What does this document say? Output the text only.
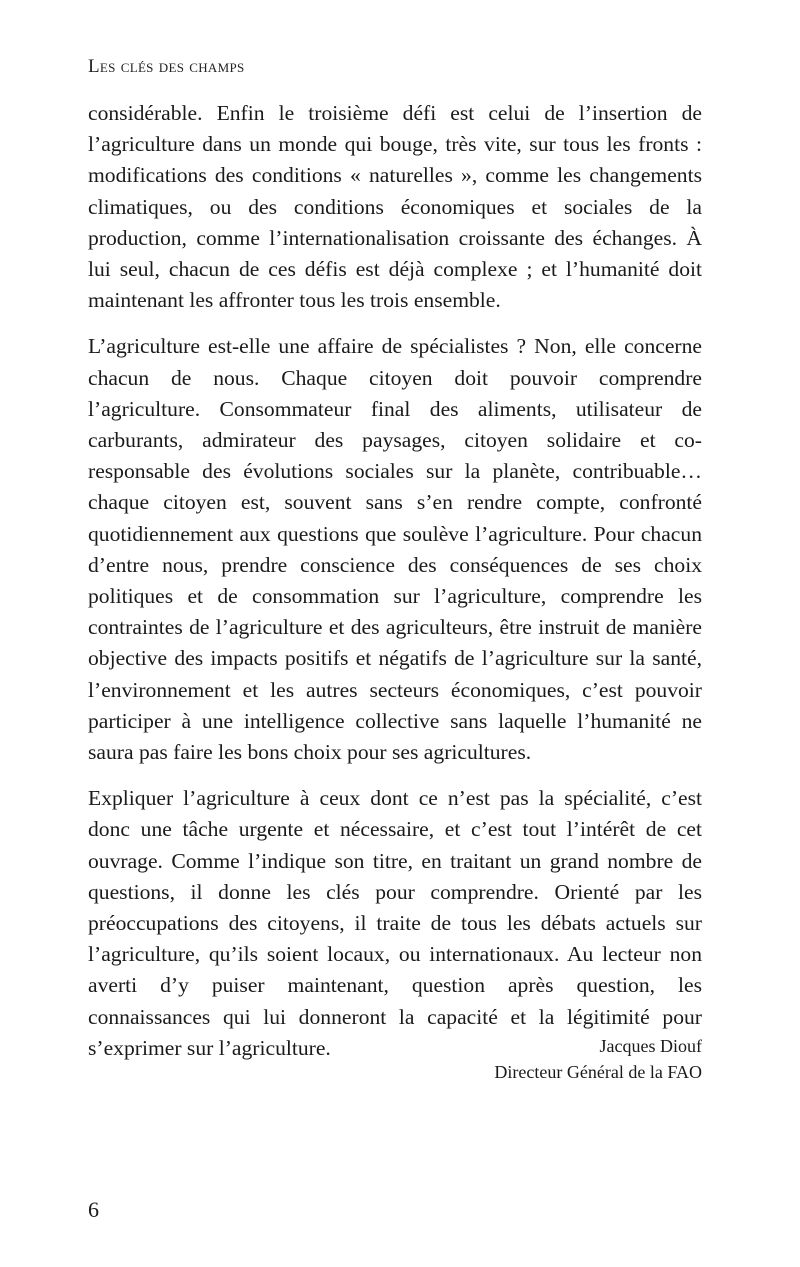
Les clés des champs

considérable. Enfin le troisième défi est celui de l’insertion de l’agriculture dans un monde qui bouge, très vite, sur tous les fronts : modifications des conditions « naturelles », comme les changements climatiques, ou des conditions économiques et sociales de la production, comme l’internationalisation croissante des échanges. À lui seul, chacun de ces défis est déjà complexe ; et l’humanité doit maintenant les affronter tous les trois ensemble.

L’agriculture est-elle une affaire de spécialistes ? Non, elle concerne chacun de nous. Chaque citoyen doit pouvoir comprendre l’agriculture. Consommateur final des aliments, utilisateur de carburants, admirateur des paysages, citoyen solidaire et co-responsable des évolutions sociales sur la planète, contribuable… chaque citoyen est, souvent sans s’en rendre compte, confronté quotidiennement aux questions que soulève l’agriculture. Pour chacun d’entre nous, prendre conscience des conséquences de ses choix politiques et de consommation sur l’agriculture, comprendre les contraintes de l’agriculture et des agriculteurs, être instruit de manière objective des impacts positifs et négatifs de l’agriculture sur la santé, l’environnement et les autres secteurs économiques, c’est pouvoir participer à une intelligence collective sans laquelle l’humanité ne saura pas faire les bons choix pour ses agricultures.

Expliquer l’agriculture à ceux dont ce n’est pas la spécialité, c’est donc une tâche urgente et nécessaire, et c’est tout l’intérêt de cet ouvrage. Comme l’indique son titre, en traitant un grand nombre de questions, il donne les clés pour comprendre. Orienté par les préoccupations des citoyens, il traite de tous les débats actuels sur l’agriculture, qu’ils soient locaux, ou internationaux. Au lecteur non averti d’y puiser maintenant, question après question, les connaissances qui lui donneront la capacité et la légitimité pour s’exprimer sur l’agriculture.	Jacques Diouf
Directeur Général de la FAO
6
